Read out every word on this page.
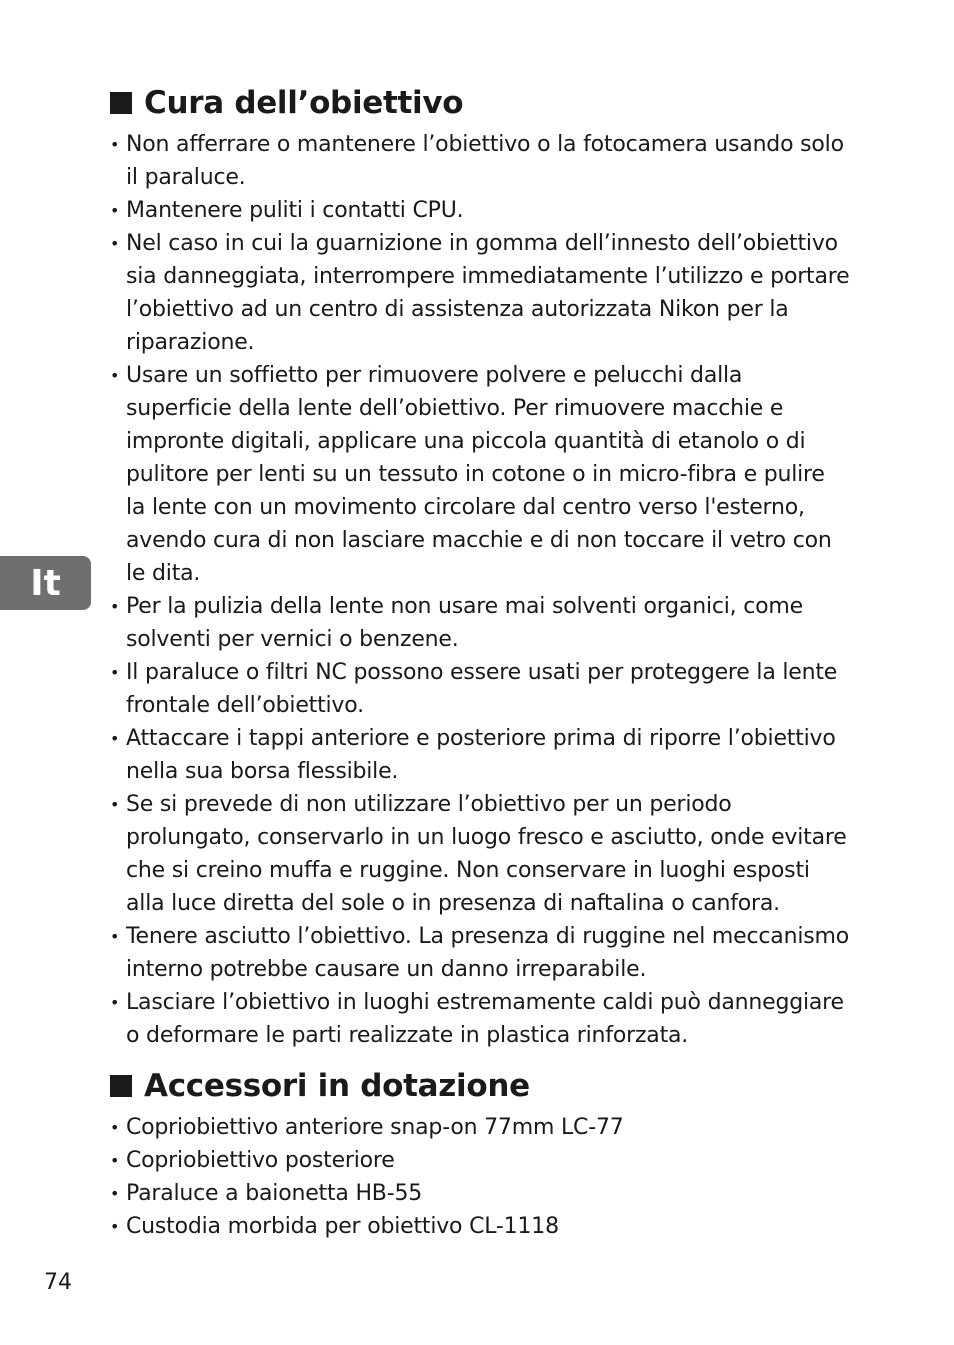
Cura dell’obiettivo
• Non afferrare o mantenere l’obiettivo o la fotocamera usando solo il paraluce.
• Mantenere puliti i contatti CPU.
• Nel caso in cui la guarnizione in gomma dell’innesto dell’obiettivo sia danneggiata, interrompere immediatamente l’utilizzo e portare l’obiettivo ad un centro di assistenza autorizzata Nikon per la riparazione.
• Usare un soffietto per rimuovere polvere e pelucchi dalla superficie della lente dell’obiettivo. Per rimuovere macchie e impronte digitali, applicare una piccola quantità di etanolo o di pulitore per lenti su un tessuto in cotone o in micro-fibra e pulire la lente con un movimento circolare dal centro verso l'esterno, avendo cura di non lasciare macchie e di non toccare il vetro con le dita.
• Per la pulizia della lente non usare mai solventi organici, come solventi per vernici o benzene.
• Il paraluce o filtri NC possono essere usati per proteggere la lente frontale dell’obiettivo.
• Attaccare i tappi anteriore e posteriore prima di riporre l’obiettivo nella sua borsa flessibile.
• Se si prevede di non utilizzare l’obiettivo per un periodo prolungato, conservarlo in un luogo fresco e asciutto, onde evitare che si creino muffa e ruggine. Non conservare in luoghi esposti alla luce diretta del sole o in presenza di naftalina o canfora.
• Tenere asciutto l’obiettivo. La presenza di ruggine nel meccanismo interno potrebbe causare un danno irreparabile.
• Lasciare l’obiettivo in luoghi estremamente caldi può danneggiare o deformare le parti realizzate in plastica rinforzata.
Accessori in dotazione
• Copriobiettivo anteriore snap-on 77mm LC-77
• Copriobiettivo posteriore
• Paraluce a baionetta HB-55
• Custodia morbida per obiettivo CL-1118
It
74
